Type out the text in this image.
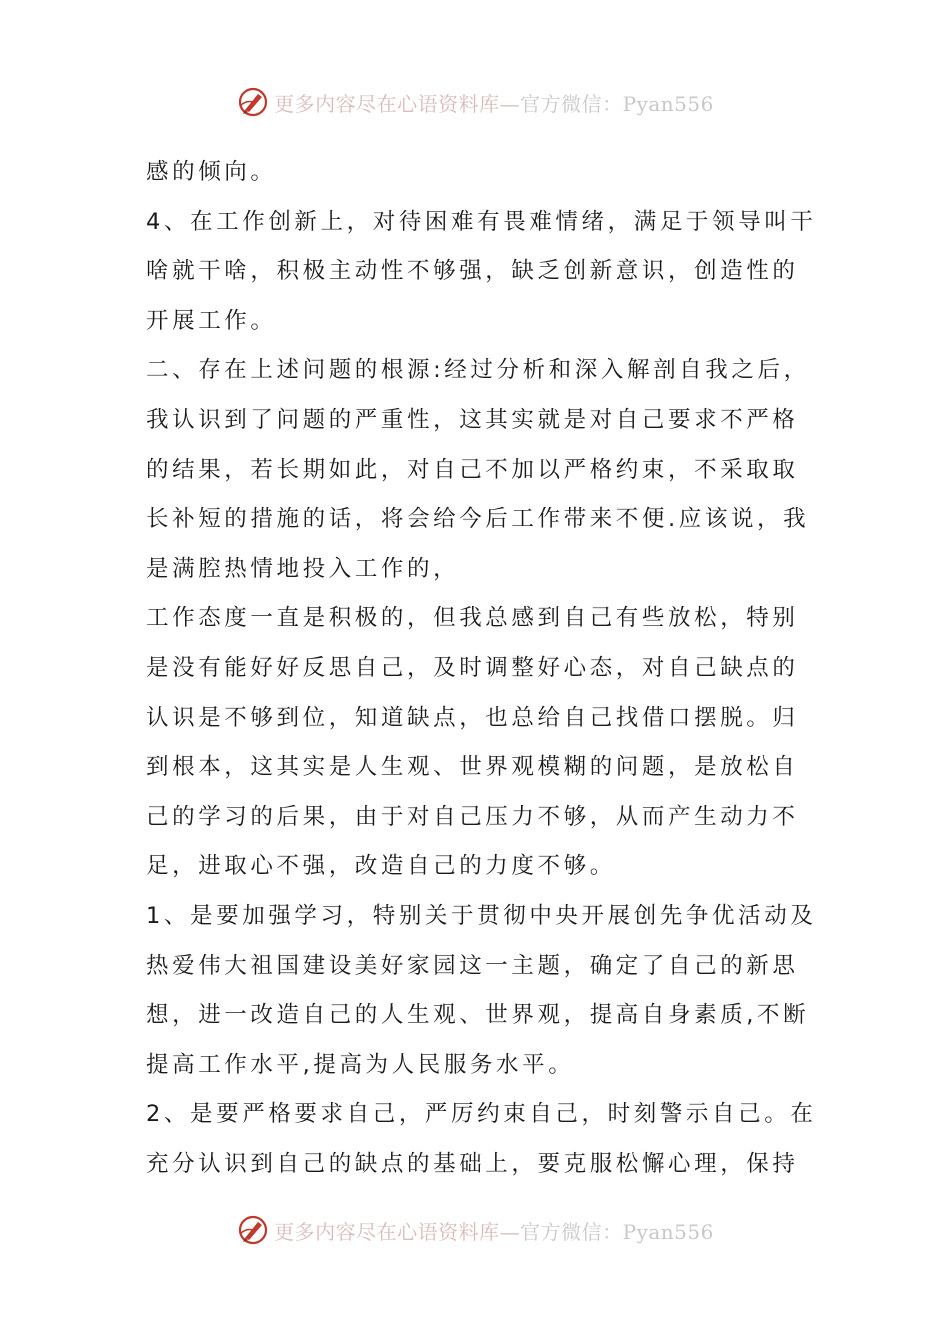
更多内容尽在心语资料库—官方微信：Pyan556
感的倾向。
4、在工作创新上，对待困难有畏难情绪，满足于领导叫干
啥就干啥，积极主动性不够强，缺乏创新意识，创造性的
开展工作。
二、存在上述问题的根源:经过分析和深入解剖自我之后，
我认识到了问题的严重性，这其实就是对自己要求不严格
的结果，若长期如此，对自己不加以严格约束，不采取取
长补短的措施的话，将会给今后工作带来不便.应该说，我
是满腔热情地投入工作的，
工作态度一直是积极的，但我总感到自己有些放松，特别
是没有能好好反思自己，及时调整好心态，对自己缺点的
认识是不够到位，知道缺点，也总给自己找借口摆脱。归
到根本，这其实是人生观、世界观模糊的问题，是放松自
己的学习的后果，由于对自己压力不够，从而产生动力不
足，进取心不强，改造自己的力度不够。
1、是要加强学习，特别关于贯彻中央开展创先争优活动及
热爱伟大祖国建设美好家园这一主题，确定了自己的新思
想，进一改造自己的人生观、世界观，提高自身素质,不断
提高工作水平,提高为人民服务水平。
2、是要严格要求自己，严厉约束自己，时刻警示自己。在
充分认识到自己的缺点的基础上，要克服松懈心理，保持
更多内容尽在心语资料库—官方微信：Pyan556
